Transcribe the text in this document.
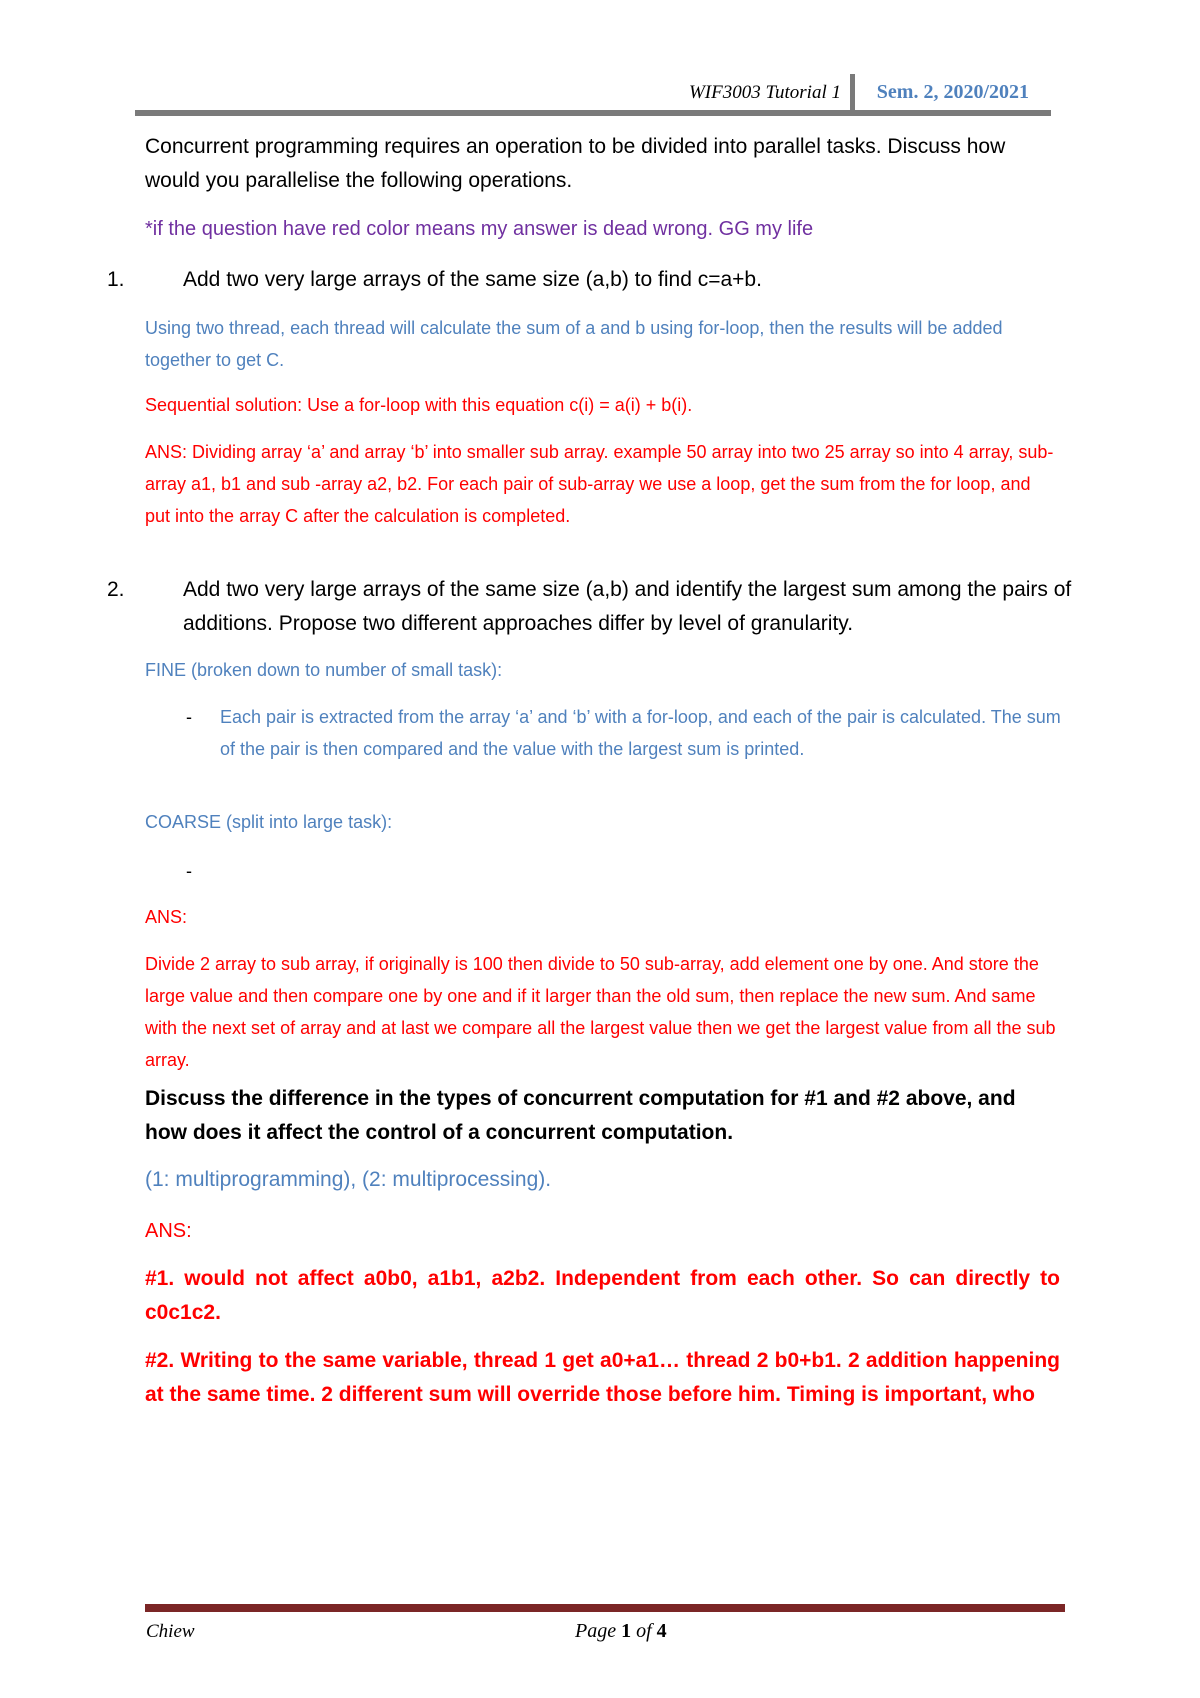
WIF3003 Tutorial 1 Sem. 2, 2020/2021

Concurrent programming requires an operation to be divided into parallel tasks. Discuss how would you parallelise the following operations.

*if the question have red color means my answer is dead wrong. GG my life

1.	Add two very large arrays of the same size (a,b) to find c=a+b.

Using two thread, each thread will calculate the sum of a and b using for-loop, then the results will be added together to get C.

Sequential solution: Use a for-loop with this equation c(i) = a(i) + b(i).

ANS: Dividing array ‘a’ and array ‘b’ into smaller sub array. example 50 array into two 25 array so into 4 array, sub-array a1, b1 and sub -array a2, b2. For each pair of sub-array we use a loop, get the sum from the for loop, and put into the array C after the calculation is completed.

2.	Add two very large arrays of the same size (a,b) and identify the largest sum among the pairs of additions. Propose two different approaches differ by level of granularity.

FINE (broken down to number of small task):

-	Each pair is extracted from the array ‘a’ and ‘b’ with a for-loop, and each of the pair is calculated. The sum of the pair is then compared and the value with the largest sum is printed.

COARSE (split into large task):

-

ANS:

Divide 2 array to sub array, if originally is 100 then divide to 50 sub-array, add element one by one. And store the large value and then compare one by one and if it larger than the old sum, then replace the new sum. And same with the next set of array and at last we compare all the largest value then we get the largest value from all the sub array.

Discuss the difference in the types of concurrent computation for #1 and #2 above, and how does it affect the control of a concurrent computation.

(1: multiprogramming), (2: multiprocessing).

ANS:

#1. would not affect a0b0, a1b1, a2b2. Independent from each other. So can directly to c0c1c2.

#2. Writing to the same variable, thread 1 get a0+a1… thread 2 b0+b1. 2 addition happening at the same time. 2 different sum will override those before him. Timing is important, who

Chiew	Page 1 of 4
